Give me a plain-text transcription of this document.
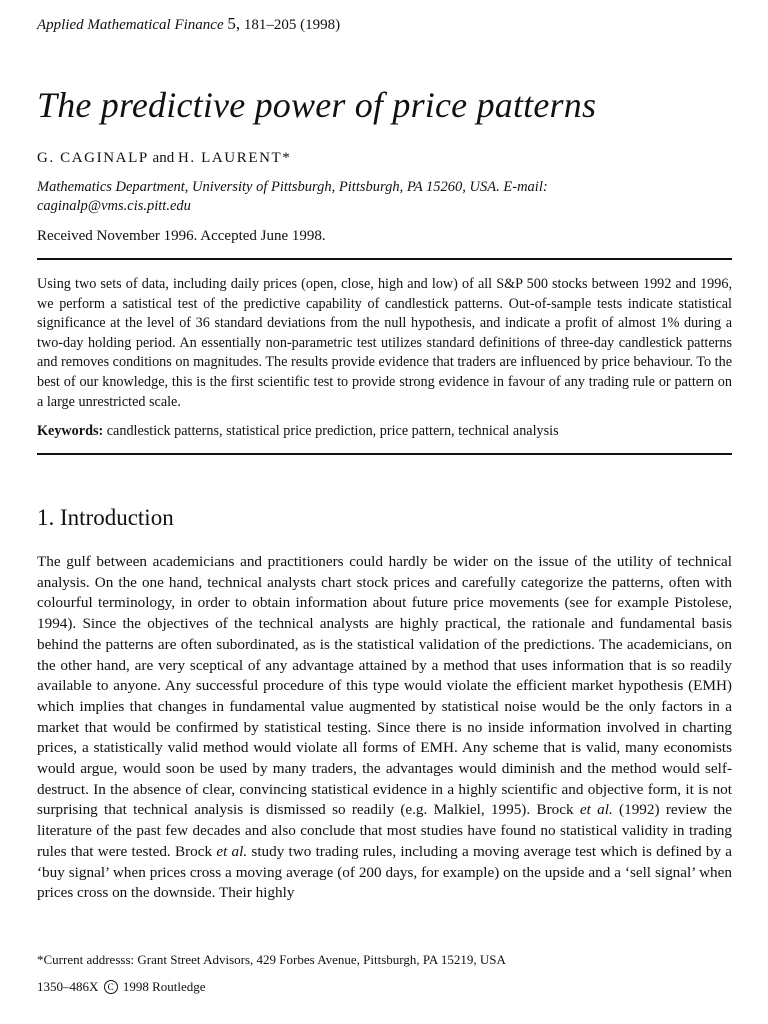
Applied Mathematical Finance 5, 181–205 (1998)
The predictive power of price patterns
G. CAGINALP and H. LAURENT*
Mathematics Department, University of Pittsburgh, Pittsburgh, PA 15260, USA. E-mail:
caginalp@vms.cis.pitt.edu
Received November 1996. Accepted June 1998.
Using two sets of data, including daily prices (open, close, high and low) of all S&P 500 stocks between 1992 and 1996, we perform a satistical test of the predictive capability of candlestick patterns. Out-of-sample tests indicate statistical significance at the level of 36 standard deviations from the null hypothesis, and indicate a profit of almost 1% during a two-day holding period. An essentially non-parametric test utilizes standard definitions of three-day candlestick patterns and removes conditions on magnitudes. The results provide evidence that traders are influenced by price behaviour. To the best of our knowledge, this is the first scientific test to provide strong evidence in favour of any trading rule or pattern on a large unrestricted scale.
Keywords: candlestick patterns, statistical price prediction, price pattern, technical analysis
1. Introduction
The gulf between academicians and practitioners could hardly be wider on the issue of the utility of technical analysis. On the one hand, technical analysts chart stock prices and carefully categorize the patterns, often with colourful terminology, in order to obtain information about future price movements (see for example Pistolese, 1994). Since the objectives of the technical analysts are highly practical, the rationale and fundamental basis behind the patterns are often subordinated, as is the statistical validation of the predictions. The academicians, on the other hand, are very sceptical of any advantage attained by a method that uses information that is so readily available to anyone. Any successful procedure of this type would violate the efficient market hypothesis (EMH) which implies that changes in fundamental value augmented by statistical noise would be the only factors in a market that would be confirmed by statistical testing. Since there is no inside information involved in charting prices, a statistically valid method would violate all forms of EMH. Any scheme that is valid, many economists would argue, would soon be used by many traders, the advantages would diminish and the method would self-destruct. In the absence of clear, convincing statistical evidence in a highly scientific and objective form, it is not surprising that technical analysis is dismissed so readily (e.g. Malkiel, 1995). Brock et al. (1992) review the literature of the past few decades and also conclude that most studies have found no statistical validity in trading rules that were tested. Brock et al. study two trading rules, including a moving average test which is defined by a ‘buy signal’ when prices cross a moving average (of 200 days, for example) on the upside and a ‘sell signal’ when prices cross on the downside. Their highly
*Current addresss: Grant Street Advisors, 429 Forbes Avenue, Pittsburgh, PA 15219, USA
1350–486X C 1998 Routledge
